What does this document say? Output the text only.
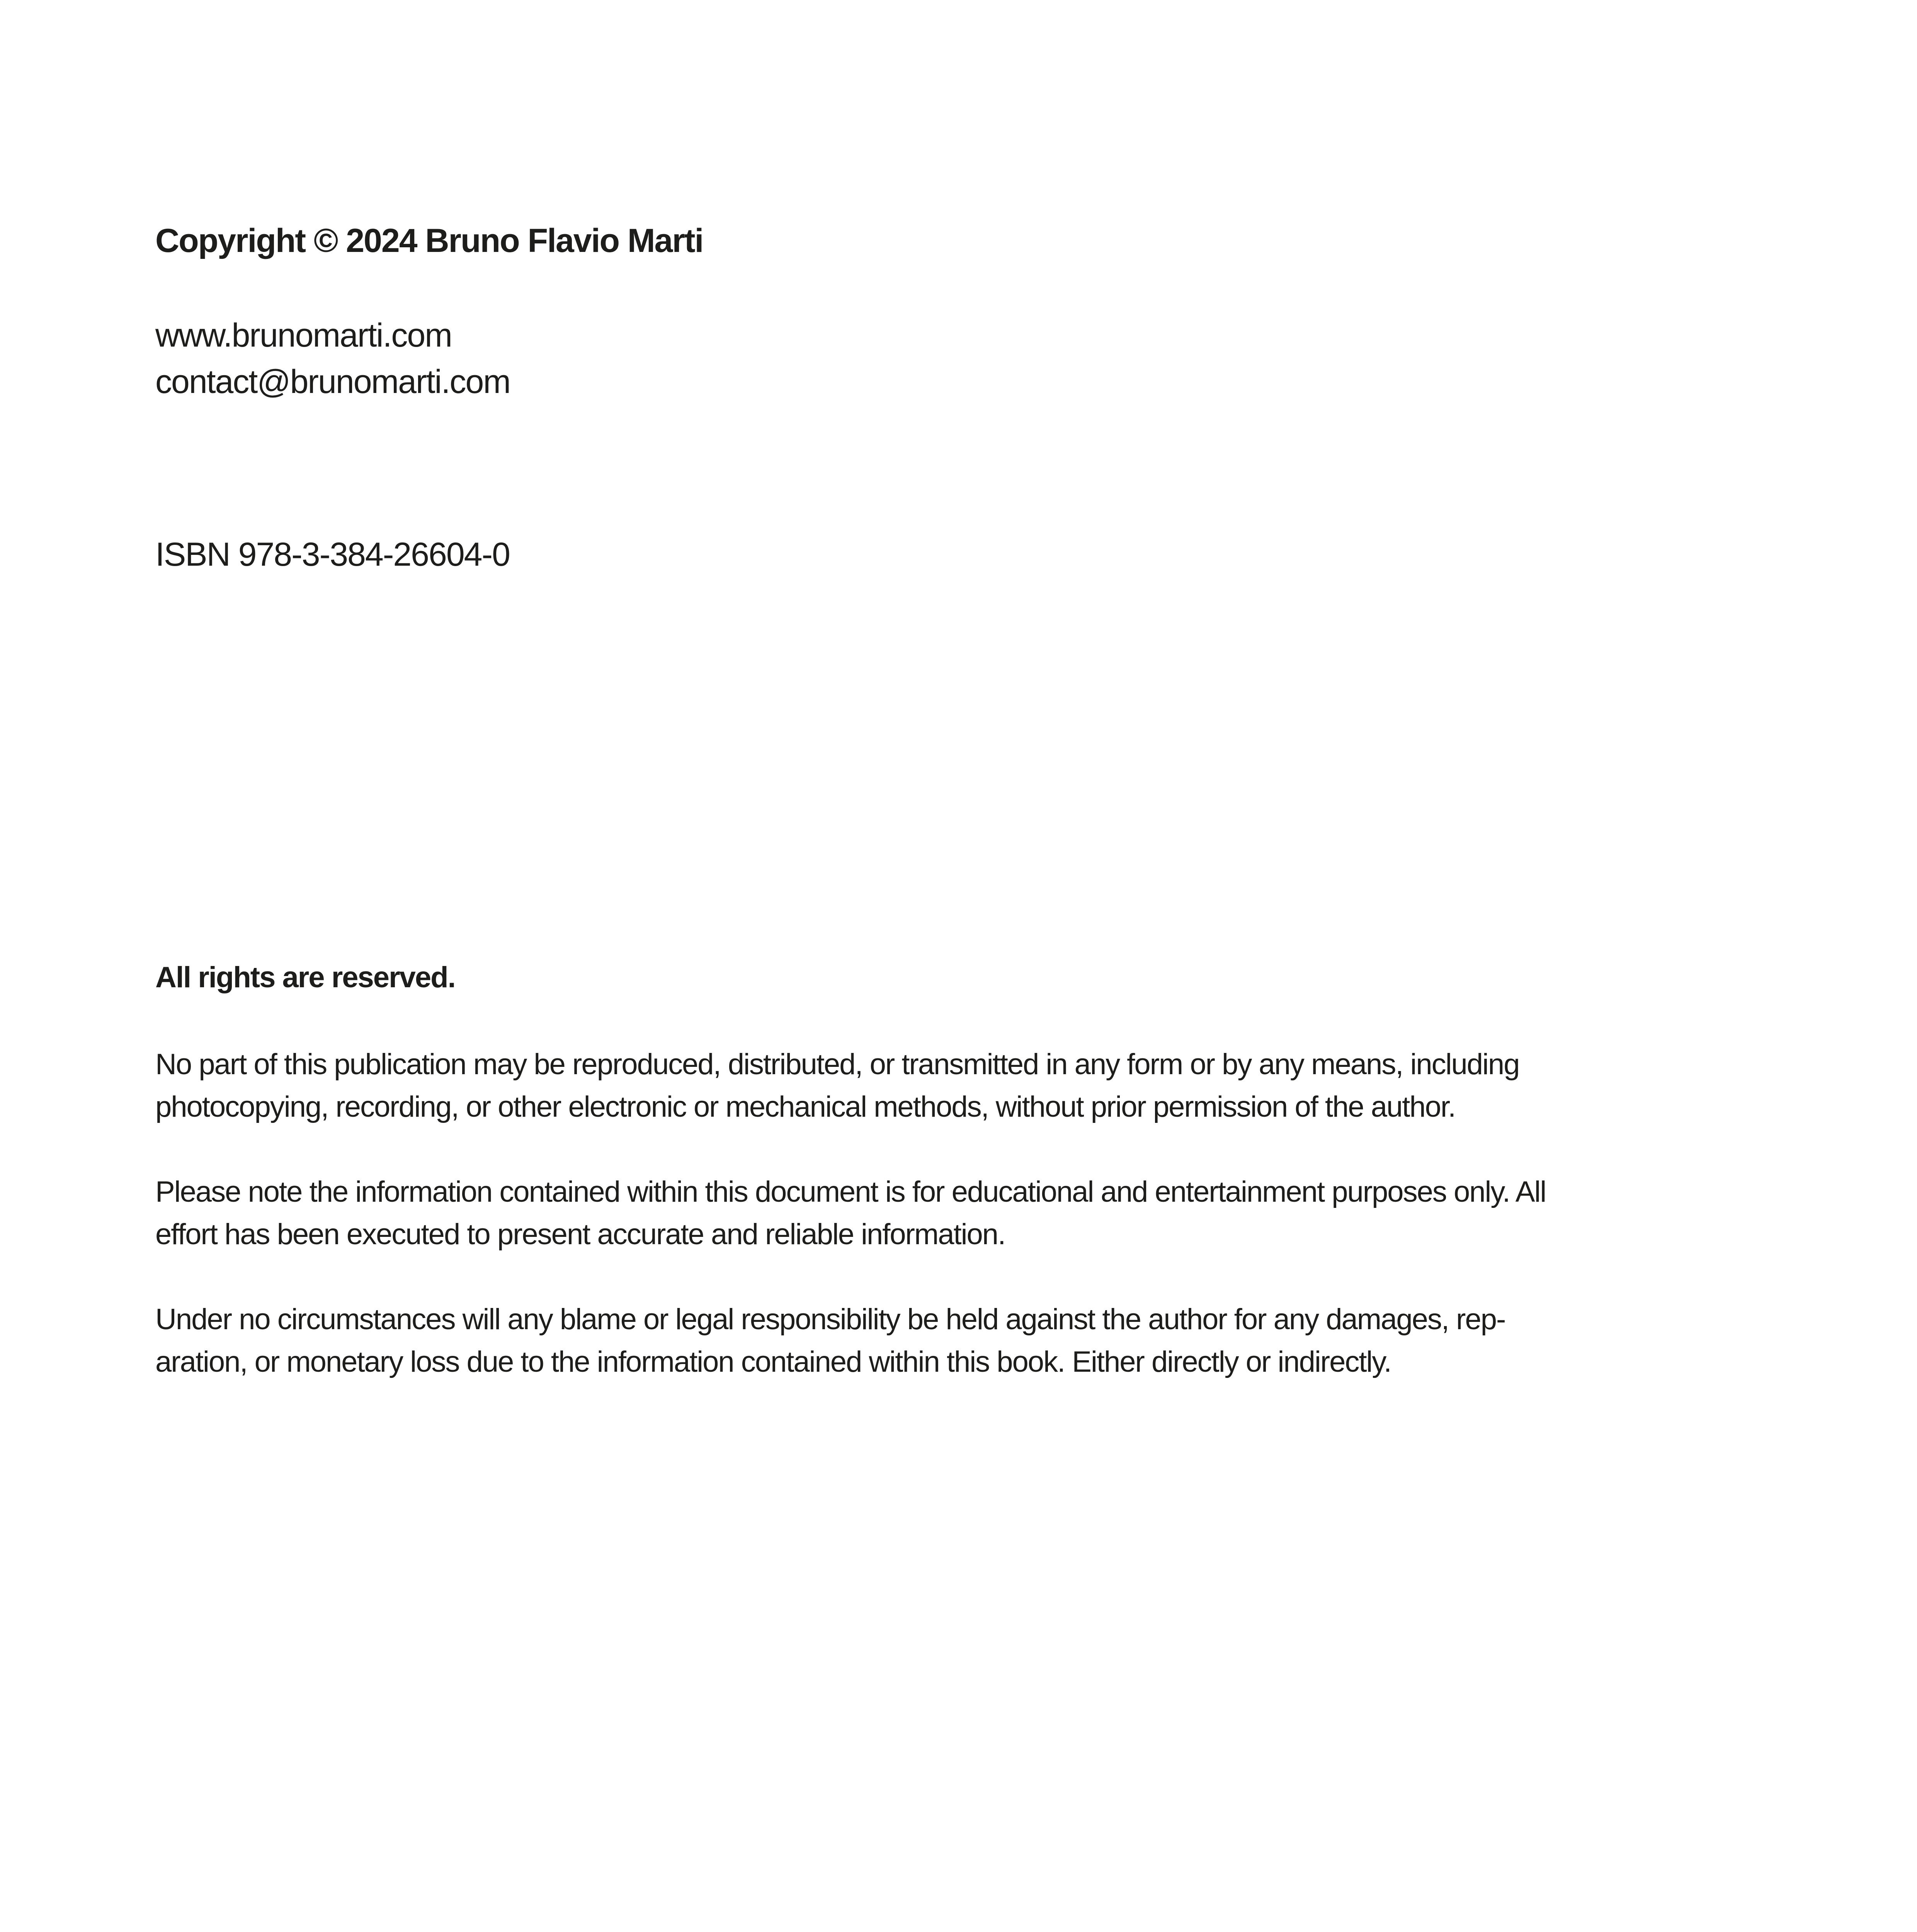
Copyright © 2024 Bruno Flavio Marti

www.brunomarti.com
contact@brunomarti.com

ISBN 978-3-384-26604-0

All rights are reserved.

No part of this publication may be reproduced, distributed, or transmitted in any form or by any means, including photocopying, recording, or other electronic or mechanical methods, without prior permission of the author.

Please note the information contained within this document is for educational and entertainment purposes only. All effort has been executed to present accurate and reliable information.

Under no circumstances will any blame or legal responsibility be held against the author for any damages, rep-aration, or monetary loss due to the information contained within this book. Either directly or indirectly.
